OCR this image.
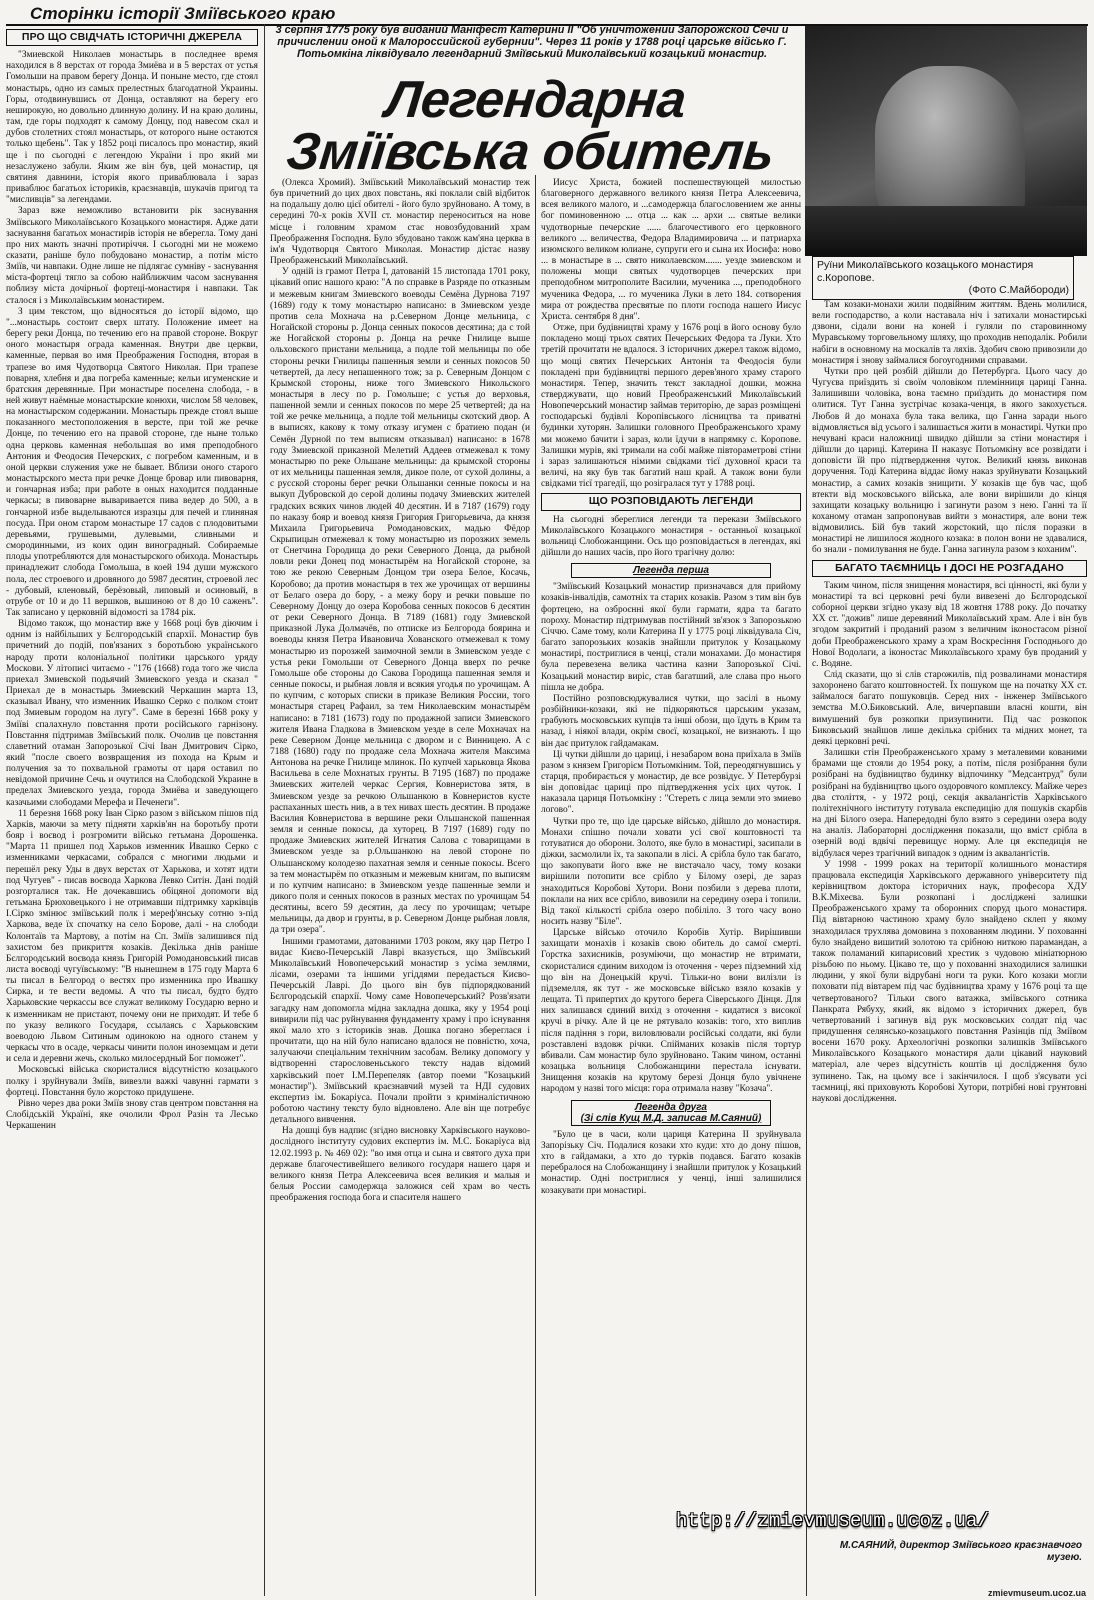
Сторінки історії Зміївського краю
3 серпня 1775 року був виданий Маніфест Катерини II "Об уничтожении Запорожской Сечи и причислении оной к Малороссийской губернии". Через 11 років у 1788 році царське військо Г. Потьомкіна ліквідувало легендарний Зміївський Миколаївський козацький монастир.
Легендарна Зміївська обитель
Руїни Миколаївського козацького монастиря с.Коропове.
(Фото С.Майбороди)
ПРО ЩО СВІДЧАТЬ ІСТОРИЧНІ ДЖЕРЕЛА

"Змиевской Николаев монастырь в последнее время находился в 8 верстах от города Змиёва и в 5 верстах от устья Гомольши на правом берегу Донца. И поныне место, где стоял монастырь, одно из самых прелестных благодатной Украины. Горы, отодвинувшись от Донца, оставляют на берегу его неширокую, но довольно длинную долину. И на краю долины, там, где горы подходят к самому Донцу, под навесом скал и дубов столетних стоял монастырь, от которого ныне остаются только щебень". Так у 1852 році писалось про монастир, який ще і по сьогодні є легендою України і про який ми незаслужено забули. Яким же він був, цей монастир, ця святиня давнини, історія якого приваблювала і зараз приваблює багатьох істориків, краєзнавців, шукачів пригод та "мисливців" за легендами.

Зараз вже неможливо встановити рік заснування Зміївського Миколаївського Козацького монастиря. Адже дати заснування багатьох монастирів історія не вберегла. Тому дані про них мають значні протиріччя. І сьогодні ми не можемо сказати, раніше було побудовано монастир, а потім місто Зміїв, чи навпаки. Одне лише не підлягає сумніву - заснування міста-фортеці тягло за собою найближчим часом заснування поблизу міста дочірньої фортеці-монастиря і навпаки. Так сталося і з Миколаївським монастирем.

З цим текстом, що відносяться до історії відомо, що "...монастырь состоит сверх штату. Положение имеет на берегу реки Донца, по течению его на правой стороне. Вокруг оного монастыря ограда каменная. Внутри две церкви, каменные, первая во имя Преображения Господня, вторая в трапезе во имя Чудотворца Святого Николая. При трапезе поварня, хлебня и два погреба каменные; кельи игуменские и братския деревянные. При монастыре поселена слобода, - в ней живут наёмные монастырские конюхи, числом 58 человек, на монастырском содержании. Монастырь прежде стоял выше показанного местоположения в версте, при той же речке Донце, по течению его на правой стороне, где ныне только одна церковь каменная небольшая во имя преподобного Антония и Феодосия Печерских, с погребом каменным, и в оной церкви служения уже не бывает. Вблизи оного старого монастырского места при речке Донце бровар или пивоварня, и гончарная изба; при работе в оных находится подданные черкасы; в пивоварне вываривается пива ведер до 500, а в гончарной избе выделываются изразцы для печей и глиняная посуда. При оном старом монастыре 17 садов с плодовитыми деревьями, грушевыми, дулевыми, сливными и смородинными, из коих один виноградный. Собираемые плоды употребляются для монастырского обихода. Монастырь принадлежит слобода Гомольша, в коей 194 души мужского пола, лес строевого и дровяного до 5987 десятин, строевой лес - дубовый, кленовый, берёзовый, липовый и осиновый, в отрубе от 10 и до 11 вершков, вышиною от 8 до 10 саженъ". Так записано у церковній відомості за 1784 рік.

Відомо також, що монастир вже у 1668 році був діючим і одним із найбільших у Бєлгородській єпархії. Монастир був причетний до подій, пов'язаних з боротьбою українського народу проти колоніальної політики царського уряду Москови. У літописі читаємо - "176 (1668) года того же числа приехал Змиевской подьячий Змиевского уезда и сказал " Приехал де в монастырь Змиевский Черкашин марта 13, сказывал Ивану, что изменник Ивашко Серко с полком стоит под Змиевым городом на лугу". Саме в березні 1668 року у Зміїві спалахнуло повстання проти російського гарнізону. Повстання підтримав Зміївський полк. Очолив це повстання славетний отаман Запорозької Січі Іван Дмитрович Сірко, який "после своего возвращения из похода на Крым и получения за то похвальной грамоты от царя оставил по невідомой причине Сечь и очутился на Слободской Украине в пределах Змиевского уезда, города Змиёва и заведующего казачьими слободами Мерефа и Печенеги".

11 березня 1668 року Іван Сірко разом з військом пішов під Харків, маючи за мету підняти харків'ян на боротьбу проти бояр і воєвод і розгромити військо гетьмана Дорошенка. "Марта 11 пришел под Харьков изменник Ивашко Серко с изменниками черкасами, собрался с многими людьми и перешёл реку Уды в двух верстах от Харькова, и хотят идти под Чугуев" - писав воєвода Харкова Левко Ситін. Дані подій розгорталися так. Не дочекавшись обіцяної допомоги від гетьмана Брюховецького і не отримавши підтримку харківців І.Сірко змінює зміївський полк і мереф'янську сотню з-під Харкова, веде їх спочатку на село Борове, далі - на слободи Колонтаїв та Мартову, а потім на Сп. Зміїв залишився під захистом без прикриття козаків. Декілька днів раніше Бєлгородський воєвода князь Григорій Ромодановський писав листа воєводі чугуївському: "В нынешнем в 175 году Марта 6 ты писал в Белгород о вестях про изменника про Ивашку Сирка, и те вести ведомы. А что ты писал, будто будто Харьковские черкассы все служат великому Государю верно и к изменникам не пристают, почему они не приходят. И тебе б по указу великого Государя, ссылаясь с Харьковским воеводою Львом Ситиным одинокою на одного станем у черкасы что в осаде, черкасы чинити полон иноземцам и дети и села и деревни жечь, сколько милосердный Бог поможет".

Московські війська скористалися відсутністю козацького полку і зруйнували Зміїв, вивезли важкі чавунні гармати з фортеці. Повстання було жорстоко придушене.

Рівно через два роки Зміїв знову став центром повстання на Слобідській Україні, яке очолили Фрол Разін та Лесько Черкашенин

(Олекса Хромий). Зміївський Миколаївський монастир теж був причетний до цих двох повстань, які поклали свій відбиток на подальшу долю цієї обителі - його було зруйновано. А тому, в середині 70-х років XVII ст. монастир переноситься на нове місце і головним храмом стає новозбудований храм Преображення Господня. Було збудовано також кам'яна церква в ім'я Чудотворця Святого Миколая. Монастир дістає назву Преображенський Миколаївський.

У одній із грамот Петра I, датованій 15 листопада 1701 року, цікавий опис нашого краю: "А по справке в Разряде по отказным и межевым книгам Змиевского воеводы Семёна Дурнова 7197 (1689) году к тому монастырю написано: в Змиевском уезде против села Мохнача на р.Северном Донце мельница, с Ногайской стороны р. Донца сенных покосов десятина; да с той же Ногайской стороны р. Донца на речке Гнилице выше ольховского пристани мельница, а подле той мельницы по обе стороны речки Гнилицы пашенныя земли и сенных покосов 50 четвертей, да лесу непашенного тож; за р. Северным Донцом с Крымской стороны, ниже того Змиевского Никольского монастыря в лесу по р. Гомольше; с устья до верховья, пашенной земли и сенных покосов по мере 25 четвертей; да на той же речке мельница, а подле той мельницы скотский двор. А в выписях, какову к тому отказу игумен с братиею подан (и Семён Дурной по тем выписям отказывал) написано: в 1678 году Змиевской приказной Мелетий Аддеев отмежевал к тому монастырю по реке Ольшане мельницы: да крымской стороны от их мельницы пашенная земля, дикое поле, от сухой долины, а с русской стороны берег речки Ольшанки сенные покосы и на выкуп Дубровской до серой долины подачу Змиевских жителей градских всяких чинов людей 40 десятин. И в 7187 (1679) году по наказу бояр и воевод князя Григория Григорьевича, да князя Михаила Григорьевича Ромодановских, мадью Фёдор Скрыпицын отмежевал к тому монастырю из порозжих земель от Снетчина Городища до реки Северного Донца, да рыбной ловли реки Донец под монастырём на Ногайской стороне, за тою же рекою Северным Донцом три озера Белое, Косачь, Коробово; да против монастыря в тех же урочищах от вершины от Белаго озера до бору, - а межу бору и речки повыше по Северному Донцу до озера Коробова сенных покосов 6 десятин от реки Северного Донца. В 7189 (1681) году Змиевской приказной Лука Долмачёв, по отписке из Белгорода боярина и воеводы князя Петра Ивановича Хованского отмежевал к тому монастырю из порозжей заимочной земли в Змиевском уезде с устья реки Гомольши от Северного Донца вверх по речке Гомольше обе стороны до Сакова Городища пашенная земля и сенные покосы, и рыбная ловля и всякия угодья по урочищам. А по купчим, с которых списки в приказе Великия России, того монастыря старец Рафаил, за тем Николаевским монастырём написано: в 7181 (1673) году по продажной записи Змиевского жителя Ивана Гладкова в Змиевском уезде в селе Мохначах на реке Северном Донце мельница с двором и с Винницею. А с 7188 (1680) году по продаже села Мохнача жителя Максима Антонова на речке Гнилице млинок. По купчей харьковца Якова Васильева в селе Мохнатых грунты. В 7195 (1687) по продаже Змиевских жителей черкас Сергия, Ковнеристова зятя, в Змиевском уезде за речкою Ольшанкою в Ковнеристов кусте распаханных шесть нив, а в тех нивах шесть десятин. В продаже Василия Ковнеристова в вершине реки Ольшанской пашенная земля и сенные покосы, да хуторец. В 7197 (1689) году по продаже Змиевских жителей Игнатия Салова с товарищами в Змиевском уезде за р.Ольшанкою на левой стороне по Ольшанскому колодезю пахатная земля и сенные покосы. Всего за тем монастырём по отказным и межевым книгам, по выписям и по купчим написано: в Змиевском уезде пашенные земли и дикого поля и сенных покосов в разных местах по урочищам 54 десятины, всего 59 десятин, да лесу по урочищам; четыре мельницы, да двор и грунты, в р. Северном Донце рыбная ловля, да три озера".

Іншими грамотами, датованими 1703 роком, яку цар Петро I видає Києво-Печерській Лаврі вказується, що Зміївський Миколаївський Новопечерський монастир з усіма землями, лісами, озерами та іншими угіддями передається Києво-Печерській Лаврі. До цього він був підпорядкований Бєлгородській єпархії. Чому саме Новопечерський? Розв'язати загадку нам допомогла мідна закладна дошка, яку у 1954 році вивирили під час руйнування фундаменту храму і про існування якої мало хто з істориків знав. Дошка погано збереглася і прочитати, що на ній було написано вдалося не повністю, хоча, залучаючи спеціальним технічним засобам. Велику допомогу у відтворенні старословеньського тексту надав відомий харківський поет І.М.Перепеляк (автор поеми "Козацький монастир"). Зміївський краєзнавчий музей та НДІ судових експертиз ім. Бокаріуса. Почали пройти з криміналістичною роботою частину тексту було відновлено. Але він ще потребує детального вивчення.

На дошці був надпис (згідно висновку Харківського науково-дослідного інституту судових експертиз ім. М.С. Бокаріуса від 12.02.1993 р. № 469 02): "во имя отца и сына и святого духа при державе благочестивейшего великого государя нашего царя и великого князя Петра Алексеевича всея великия и малыя и белыя России самодержца заложися сей храм во честь преображения господа бога и спасителя нашего

Иисус Христа, божией поспешествующей милостью благоверного державного великого князя Петра Алексеевича, всея великого малого, и ...самодержца благословением же анны бог поминовенною ... отца ... как ... архи ... святые велики чудотворные печерские ...... благочестивого его церковного великого ... величества, Федора Владимировича ... и патриарха изюмского великом юлиане, супруги его и сына их Иосифа: ново ... в монастыре в ... свято николаевском....... уезде змиевском и положены мощи святых чудотворцев печерских при преподобном митрополите Василии, мученика ..., преподобного мученика Федора, ... го мученика Луки в лето 184. сотворения мира от рождества пресвятые по плоти господа нашего Иисус Христа. сентября 8 дня".

Отже, при будівництві храму у 1676 році в його основу було покладено мощі трьох святих Печерських Федора та Луки. Хто третій прочитати не вдалося. З історичних джерел також відомо, що мощі святих Печерських Антонія та Феодосія були покладені при будівництві першого дерев'яного храму старого монастиря. Тепер, значить текст закладної дошки, можна стверджувати, що новий Преображенський Миколаївський Новопечерський монастир займав територію, де зараз розміщені господарські будівлі Коропівського лісництва та приватні будинки хуторян. Залишки головного Преображенського храму ми можемо бачити і зараз, коли їдучи в напрямку с. Коропове. Залишки мурів, які тримали на собі майже півтораметрові стіни і зараз залишаються німими свідками тієї духовної краси та величі, на яку був так багатий наш край. А також вони були свідками тієї трагедії, що розігралася тут у 1788 році.

ЩО РОЗПОВІДАЮТЬ ЛЕГЕНДИ

На сьогодні збереглися легенди та перекази Зміївського Миколаївського Козацького монастиря - останньої козацької вольниці Слобожанщини. Ось що розповідається в легендах, які дійшли до наших часів, про його трагічну долю:

Легенда перша

"Зміївський Козацький монастир призначався для прийому козаків-інвалідів, самотніх та старих козаків. Разом з тим він був фортецею, на озброєнні якої були гармати, ядра та багато пороху. Монастир підтримував постійний зв'язок з Запорозькою Січчю. Саме тому, коли Катерина II у 1775 році ліквідувала Січ, багато запорозьких козаків знайшли притулок у Козацькому монастирі, постриглися в ченці, стали монахами. До монастиря була перевезена велика частина казни Запорозької Січі. Козацький монастир виріс, став багатший, але слава про нього пішла не добра.

Постійно розповсюджувалися чутки, що засілі в ньому розбійники-козаки, які не підкоряються царським указам, грабують московських купців та інші обози, що їдуть в Крим та назад, і ніякої влади, окрім своєї, козацької, не визнають. І що він дає притулок гайдамакам.

Ці чутки дійшли до цариці, і незабаром вона приїхала в Зміїв разом з князем Григорієм Потьомкіним. Той, переодягнувшись у старця, пробирається у монастир, де все розвідує. У Петербурзі він доповідає цариці про підтвердження усіх цих чуток. І наказала цариця Потьомкіну : "Стереть с лица земли это змиево логово".

Чутки про те, що іде царське військо, дійшло до монастиря. Монахи спішно почали ховати усі свої коштовності та готуватися до оборони. Золото, яке було в монастирі, засипали в діжки, засмолили їх, та закопали в лісі. А срібла було так багато, що закопувати його вже не вистачало часу, тому козаки вирішили потопити все срібло у Білому озері, де зараз знаходиться Коробові Хутори. Вони позбили з дерева плоти, поклали на них все срібло, вивозили на середину озера і топили. Від такої кількості срібла озеро побіліло. З того часу воно носить назву "Біле".

Царське військо оточило Коробів Хутір. Вирішивши захищати монахів і козаків свою обитель до самої смерті. Горстка захисників, розуміючи, що монастир не втримати, скористалися єдиним виходом із оточення - через підземний хід що він на Донецькій кручі. Тільки-но вони вилізли із підземелля, як тут - же московське військо взяло козаків у лещата. Ті припертих до крутого берега Сіверського Дінця. Для них залишався єдиний вихід з оточення - кидатися з високої кручі в річку. Але й це не рятувало козаків: того, хто виплив після падіння з гори, виловлювали російські солдати, які були розставлені вздовж річки. Спійманих козаків після тортур вбивали. Сам монастир було зруйновано. Таким чином, останні козацька вольниця Слобожанщини перестала існувати. Знищення козаків на крутому березі Донця було увічнене народом у назві того місця: гора отримала назву "Козача".

Легенда друга
(Зі слів Кущ М.Д. записав М.Саяний)

"Було це в часи, коли цариця Катерина II зруйнувала Запорізьку Січ. Подалися козаки хто куди: хто до дону пішов, хто в гайдамаки, а хто до турків подався. Багато козаків перебралося на Слобожанщину і знайшли притулок у Козацький монастир. Одні постриглися у ченці, інші залишилися козакувати при монастирі.

Там козаки-монахи жили подвійним життям. Вдень молилися, вели господарство, а коли наставала ніч і затихали монастирські дзвони, сідали вони на коней і гуляли по старовинному Муравському торговельному шляху, що проходив неподалік. Робили набіги в основному на москалів та ляхів. Здобич свою привозили до монастиря і знову займалися богоугодними справами.

Чутки про цей розбій дійшли до Петербурга. Цього часу до Чугуєва приїздить зі своїм чоловіком племінниця цариці Ганна. Залишивши чоловіка, вона таємно приїздить до монастиря пом олитися. Тут Ганна зустрічає козака-ченця, в якого закохується. Любов й до монаха була така велика, що Ганна заради нього відмовляється від усього і залишається жити в монастирі. Чутки про нечувані краси наложниці швидко дійшли за стіни монастиря і дійшли до цариці. Катерина II наказує Потьомкіну все розвідати і доповісти їй про підтвердження чуток. Великий князь виконав доручення. Тоді Катерина віддає йому наказ зруйнувати Козацький монастир, а самих козаків знищити. У козаків ще був час, щоб втекти від московського війська, але вони вирішили до кінця захищати козацьку вольницю і загинути разом з нею. Ганні та її коханому отаман запропонував вийти з монастиря, але вони теж відмовились. Бій був такий жорстокий, що після поразки в монастирі не лишилося жодного козака: в полон вони не здавалися, бо знали - помилування не буде. Ганна загинула разом з коханим".

БАГАТО ТАЄМНИЦЬ І ДОСІ НЕ РОЗГАДАНО

Таким чином, після знищення монастиря, всі цінності, які були у монастирі та всі церковні речі були вивезені до Бєлгородської соборної церкви згідно указу від 18 жовтня 1788 року. До початку XX ст. "дожив" лише деревяний Миколаївський храм. Але і він був згодом закритий і проданий разом з величним іконостасом різної доби Преображенського храму а храм Воскресіння Господнього до Нової Водолаги, а іконостас Миколаївського храму був проданий у с. Водяне.

Слід сказати, що зі слів старожилів, під розвалинами монастиря захоронено багато коштовностей. Їх пошуком ще на початку XX ст. займалося багато пошуковців. Серед них - інженер Зміївського земства М.О.Биковський. Але, вичерпавши власні кошти, він вимушений був розкопки призупинити. Під час розкопок Биковський знайшов лише декілька срібних та мідних монет, та деякі церковні речі.

Залишки стін Преображенського храму з металевими кованими брамами ще стояли до 1954 року, а потім, після розібрання були розібрані на будівництво будинку відпочинку "Медсантруд" були розібрані на будівництво цього оздоровчого комплексу. Майже через два століття, - у 1972 році, секція аквалангістів Харківського політехнічного інституту готувала експедицію для пошуків скарбів на дні Білого озера. Напередодні було взято з середини озера воду на аналіз. Лабораторні дослідження показали, що вміст срібла в озерній воді вдвічі перевищує норму. Але ця експедиція не відбулася через трагічний випадок з одним із аквалангістів.

У 1998 - 1999 роках на території колишнього монастиря працювала експедиція Харківського державного університету під керівництвом доктора історичних наук, професора ХДУ В.К.Міхеєва. Були розкопані і досліджені залишки Преображенського храму та оборонних споруд цього монастиря. Під вівтарною частиною храму було знайдено склеп у якому знаходилася трухлява домовина з похованням людини. У похованні було знайдено вишитий золотою та срібною ниткою парамандан, а також поламаний кипарисовий хрестик з чудовою мініатюрною різьбою по ньому. Цікаво те, що у похованні знаходилися залишки людини, у якої були відрубані ноги та руки. Кого козаки могли поховати під вівтарем під час будівництва храму у 1676 році та ще четвертованого? Тільки свого ватажка, зміївського сотника Панкрата Рябуху, який, як відомо з історичних джерел, був четвертований і загинув від рук московських солдат під час придушення селянсько-козацького повстання Разінців під Зміївом восени 1670 року. Археологічні розкопки залишків Зміївського Миколаївського Козацького монастиря дали цікавий науковий матеріал, але через відсутність коштів ці дослідження було зупинено. Так, на цьому все і закінчилося. І щоб з'ясувати усі таємниці, які приховують Коробові Хутори, потрібні нові грунтовні наукові дослідження.

М.САЯНИЙ, директор Зміївського краєзнавчого музею.
http://zmievmuseum.ucoz.ua/
zmievmuseum.ucoz.ua
